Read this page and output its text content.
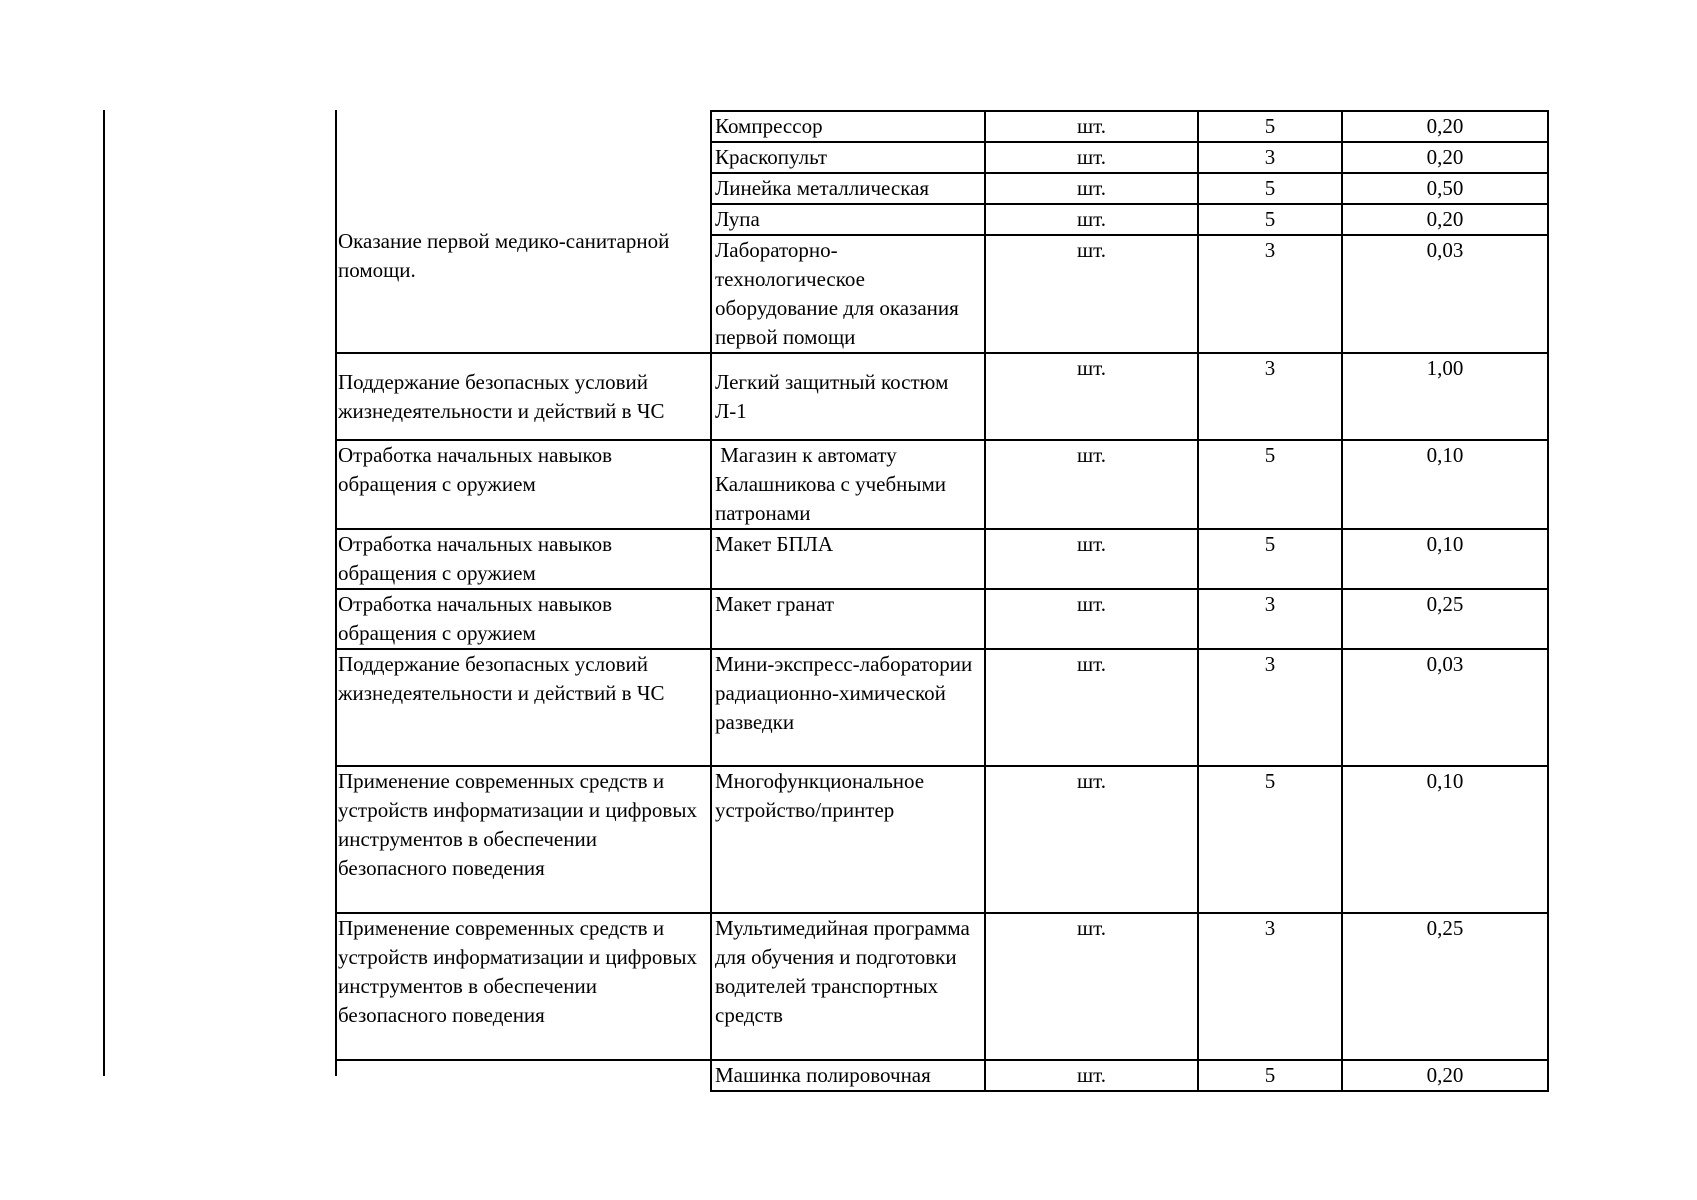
Оказание первой медико-санитарной помощи.	Компрессор	шт.	5	0,20
	Краскопульт	шт.	3	0,20
	Линейка металлическая	шт.	5	0,50
	Лупа	шт.	5	0,20
	Лабораторно-технологическое оборудование для оказания первой помощи	шт.	3	0,03
Поддержание безопасных условий жизнедеятельности и действий в ЧС	Легкий защитный костюм Л-1	шт.	3	1,00
Отработка начальных навыков обращения с оружием	Магазин к автомату Калашникова с учебными патронами	шт.	5	0,10
Отработка начальных навыков обращения с оружием	Макет БПЛА	шт.	5	0,10
Отработка начальных навыков обращения с оружием	Макет гранат	шт.	3	0,25
Поддержание безопасных условий жизнедеятельности и действий в ЧС	Мини-экспресс-лаборатории радиационно-химической разведки	шт.	3	0,03
Применение современных средств и устройств информатизации и цифровых инструментов в обеспечении безопасного поведения	Многофункциональное устройство/принтер	шт.	5	0,10
Применение современных средств и устройств информатизации и цифровых инструментов в обеспечении безопасного поведения	Мультимедийная программа для обучения и подготовки водителей транспортных средств	шт.	3	0,25
	Машинка полировочная	шт.	5	0,20
